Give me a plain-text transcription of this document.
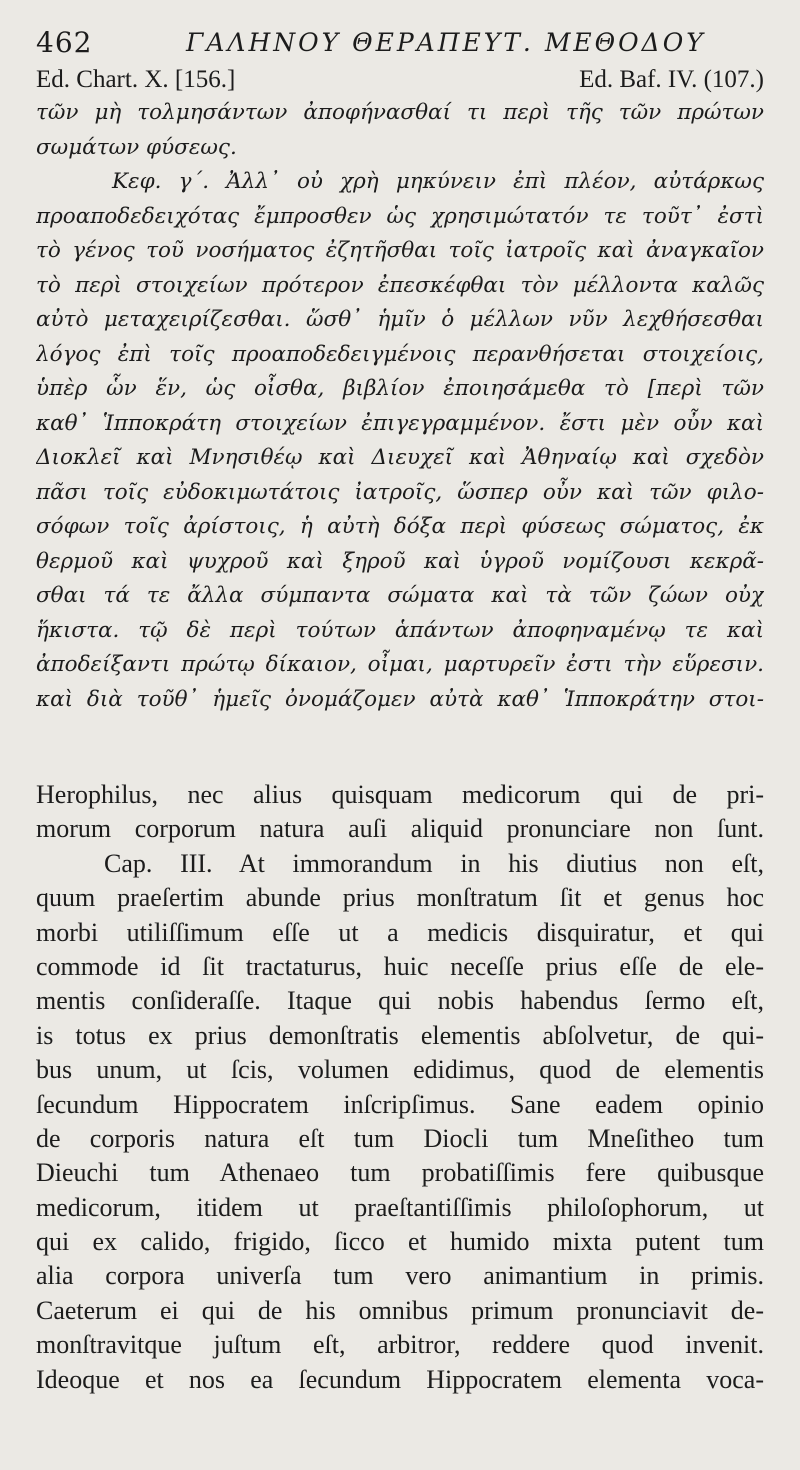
462	ΓΑΛΗΝΟΥ ΘΕΡΑΠΕΥΤ. ΜΕΘΟΔΟΥ
Ed. Chart. X. [156.]	Ed. Baf. IV. (107.)
τῶν μὴ τολμησάντων ἀποφήνασθαί τι περὶ τῆς τῶν πρώτων
σωμάτων φύσεως.
Κεφ. γ΄. Ἀλλ᾽ οὐ χρὴ μηκύνειν ἐπὶ πλέον, αὐτάρκως
προαποδεδειχότας ἔμπροσθεν ὡς χρησιμώτατόν τε τοῦτ᾽ ἐστὶ
τὸ γένος τοῦ νοσήματος ἐζητῆσθαι τοῖς ἰατροῖς καὶ ἀναγκαῖον
τὸ περὶ στοιχείων πρότερον ἐπεσκέφθαι τὸν μέλλοντα καλῶς
αὐτὸ μεταχειρίζεσθαι. ὥσθ᾽ ἡμῖν ὁ μέλλων νῦν λεχθήσεσθαι
λόγος ἐπὶ τοῖς προαποδεδειγμένοις περανθήσεται στοιχείοις,
ὑπὲρ ὧν ἕν, ὡς οἶσθα, βιβλίον ἐποιησάμεθα τὸ [περὶ τῶν
καθ᾽ Ἱπποκράτη στοιχείων ἐπιγεγραμμένον. ἔστι μὲν οὖν καὶ
Διοκλεῖ καὶ Μνησιθέῳ καὶ Διευχεῖ καὶ Ἀθηναίῳ καὶ σχεδὸν
πᾶσι τοῖς εὐδοκιμωτάτοις ἰατροῖς, ὥσπερ οὖν καὶ τῶν φιλο-
σόφων τοῖς ἀρίστοις, ἡ αὐτὴ δόξα περὶ φύσεως σώματος, ἐκ
θερμοῦ καὶ ψυχροῦ καὶ ξηροῦ καὶ ὑγροῦ νομίζουσι κεκρᾶ-
σθαι τά τε ἄλλα σύμπαντα σώματα καὶ τὰ τῶν ζώων οὐχ
ἥκιστα. τῷ δὲ περὶ τούτων ἁπάντων ἀποφηναμένῳ τε καὶ
ἀποδείξαντι πρώτῳ δίκαιον, οἶμαι, μαρτυρεῖν ἐστι τὴν εὕρεσιν.
καὶ διὰ τοῦθ᾽ ἡμεῖς ὀνομάζομεν αὐτὰ καθ᾽ Ἱπποκράτην στοι-
Herophilus, nec alius quisquam medicorum qui de pri-
morum corporum natura auſi aliquid pronunciare non ſunt.
Cap. III. At immorandum in his diutius non eſt,
quum praeſertim abunde prius monſtratum ſit et genus hoc
morbi utiliſſimum eſſe ut a medicis disquiratur, et qui
commode id ſit tractaturus, huic neceſſe prius eſſe de ele-
mentis conſideraſſe. Itaque qui nobis habendus ſermo eſt,
is totus ex prius demonſtratis elementis abſolvetur, de qui-
bus unum, ut ſcis, volumen edidimus, quod de elementis
ſecundum Hippocratem inſcripſimus. Sane eadem opinio
de corporis natura eſt tum Diocli tum Mneſitheo tum
Dieuchi tum Athenaeo tum probatiſſimis fere quibusque
medicorum, itidem ut praeſtantiſſimis philoſophorum, ut
qui ex calido, frigido, ſicco et humido mixta putent tum
alia corpora univerſa tum vero animantium in primis.
Caeterum ei qui de his omnibus primum pronunciavit de-
monſtravitque juſtum eſt, arbitror, reddere quod invenit.
Ideoque et nos ea ſecundum Hippocratem elementa voca-
